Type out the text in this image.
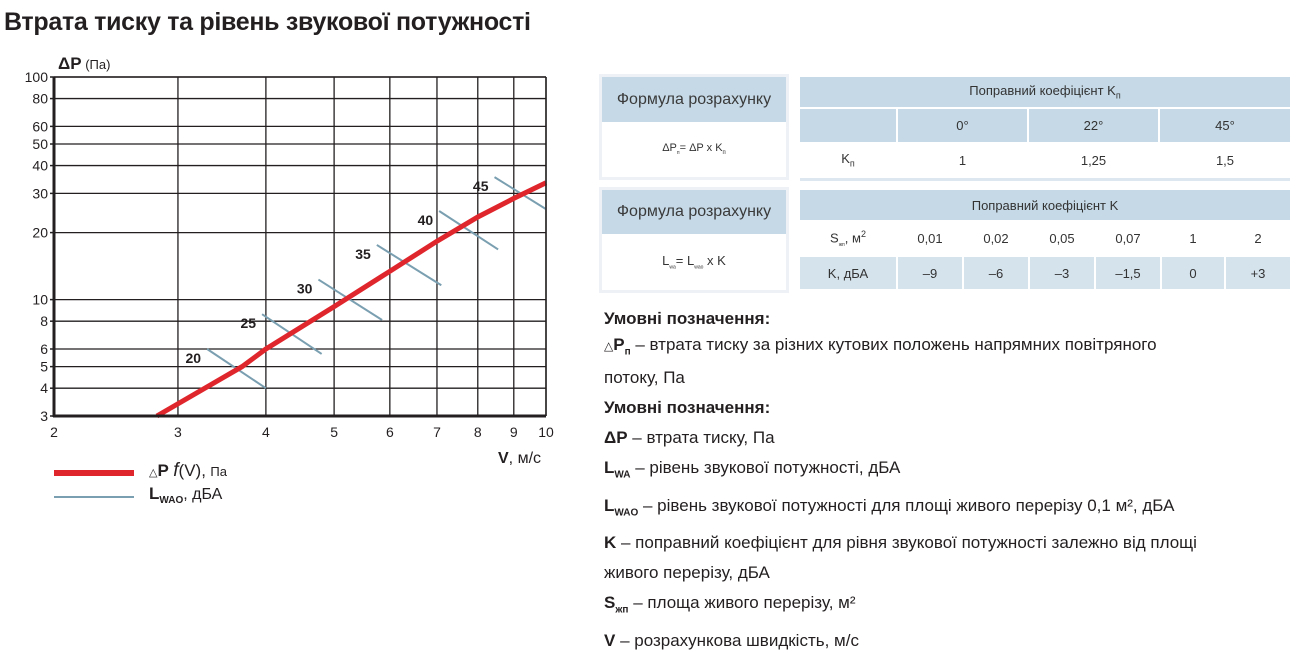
Втрата тиску та рівень звукової потужності
20
25
30
35
40
45
2	3	4	5	6	7 8 9 10
3
4
5
6
8
10
20
30
40
50
60
80
100
ΔP (Па)
V, м/с
△P f(V), Па
$L_{WAO}$, дБА
Формула розрахунку
$\Delta P_п= \Delta P$ x $K_п$
Формула розрахунку
$L_{wa}= L_{wao}$ x K
Поправний коефіцієнт $K_п$
0°	22°	45°
$K_п$	1	1,25	1,5
Поправний коефіцієнт K
$S_{жп}$, $м^2$	0,01	0,02	0,05	0,07	1	2
K, дБА	–9	–6	–3	–1,5	0	+3
Умовні позначення:
$\triangle P_п$ – втрата тиску за різних кутових положень напрямних повітряного
потоку, Па
Умовні позначення:
ΔP – втрата тиску, Па
$L_{WA}$ – рівень звукової потужності, дБА
$L_{WAO}$ – рівень звукової потужності для площі живого перерізу 0,1 м², дБА
K – поправний коефіцієнт для рівня звукової потужності залежно від площі
живого перерізу, дБА
$S_{жп}$ – площа живого перерізу, м²
V – розрахункова швидкість, м/с
